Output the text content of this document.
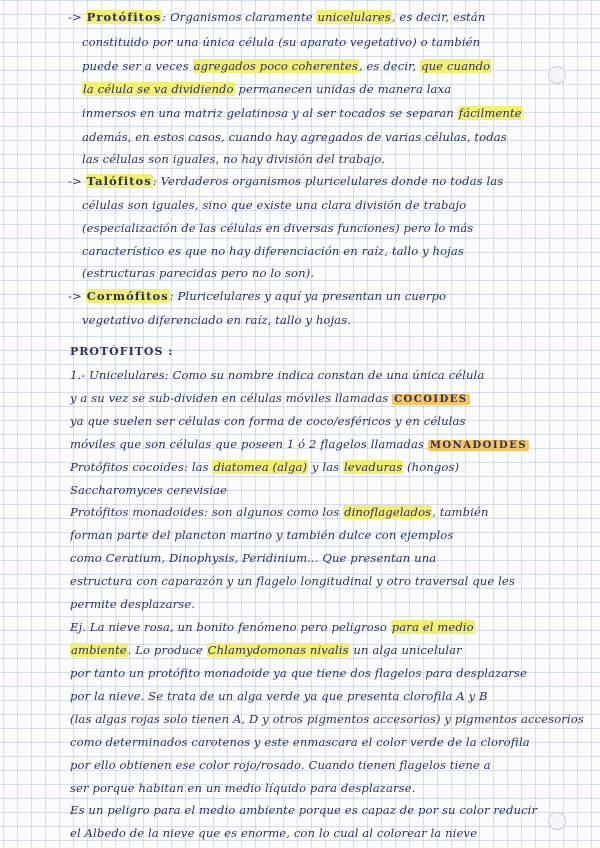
-> Protófitos: Organismos claramente unicelulares, es decir, están
constituido por una única célula (su aparato vegetativo) o también
puede ser a veces agregados poco coherentes, es decir, que cuando
la célula se va dividiendo permanecen unidas de manera laxa
inmersos en una matriz gelatinosa y al ser tocados se separan fácilmente
además, en estos casos, cuando hay agregados de varias células, todas
las células son iguales, no hay división del trabajo.
-> Talófitos: Verdaderos organismos pluricelulares donde no todas las
células son iguales, sino que existe una clara división de trabajo
(especialización de las células en diversas funciones) pero lo más
característico es que no hay diferenciación en raíz, tallo y hojas
(estructuras parecidas pero no lo son).
-> Cormófitos: Pluricelulares y aquí ya presentan un cuerpo
vegetativo diferenciado en raíz, tallo y hojas.
PROTÓFITOS :
1.- Unicelulares: Como su nombre indica constan de una única célula
y a su vez se sub-dividen en células móviles llamadas COCOIDES
ya que suelen ser células con forma de coco/esféricos y en células
móviles que son células que poseen 1 ó 2 flagelos llamadas MONADOIDES
Protófitos cocoides: las diatomea (alga) y las levaduras (hongos)
Saccharomyces cerevisiae
Protófitos monadoides: son algunos como los dinoflagelados, también
forman parte del plancton marino y también dulce con ejemplos
como Ceratium, Dinophysis, Peridinium... Que presentan una
estructura con caparazón y un flagelo longitudinal y otro traversal que les
permite desplazarse.
Ej. La nieve rosa, un bonito fenómeno pero peligroso para el medio
ambiente. Lo produce Chlamydomonas nivalis un alga unicelular
por tanto un protófito monadoide ya que tiene dos flagelos para desplazarse
por la nieve. Se trata de un alga verde ya que presenta clorofila A y B
(las algas rojas solo tienen A, D y otros pigmentos accesorios) y pigmentos accesorios
como determinados carotenos y este enmascara el color verde de la clorofila
por ello obtienen ese color rojo/rosado. Cuando tienen flagelos tiene a
ser porque habitan en un medio líquido para desplazarse.
Es un peligro para el medio ambiente porque es capaz de por su color reducir
el Albedo de la nieve que es enorme, con lo cual al colorear la nieve
